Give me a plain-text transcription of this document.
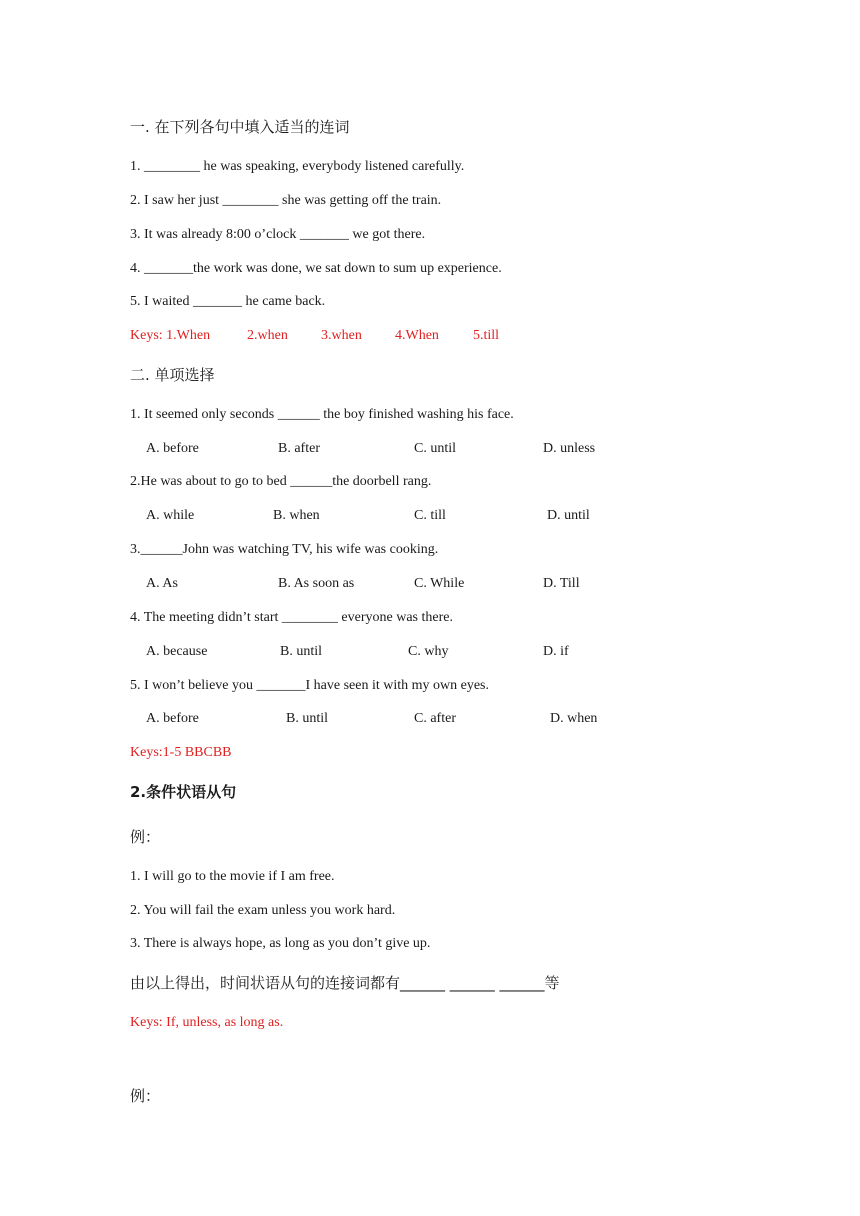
一. 在下列各句中填入适当的连词
1. ________ he was speaking, everybody listened carefully.
2. I saw her just ________ she was getting off the train.
3. It was already 8:00 o’clock _______ we got there.
4. _______the work was done, we sat down to sum up experience.
5. I waited _______ he came back.
Keys: 1.When	2.when 3.when 4.When 5.till
二. 单项选择
1. It seemed only seconds ______ the boy finished washing his face.
A. before	B. after	C. until	D. unless
2.He was about to go to bed ______the doorbell rang.
A. while	B. when	C. till	D. until
3.______John was watching TV, his wife was cooking.
A. As	B. As soon as	C. While	D. Till
4. The meeting didn’t start ________ everyone was there.
A. because	B. until	C. why	D. if
5. I won’t believe you _______I have seen it with my own eyes.
A. before	B. until	C. after	D. when
Keys:1-5 BBCBB
2.条件状语从句
例：
1. I will go to the movie if I am free.
2. You will fail the exam unless you work hard.
3. There is always hope, as long as you don’t give up.
由以上得出，时间状语从句的连接词都有______ ______ ______等
Keys: If, unless, as long as.
例：
